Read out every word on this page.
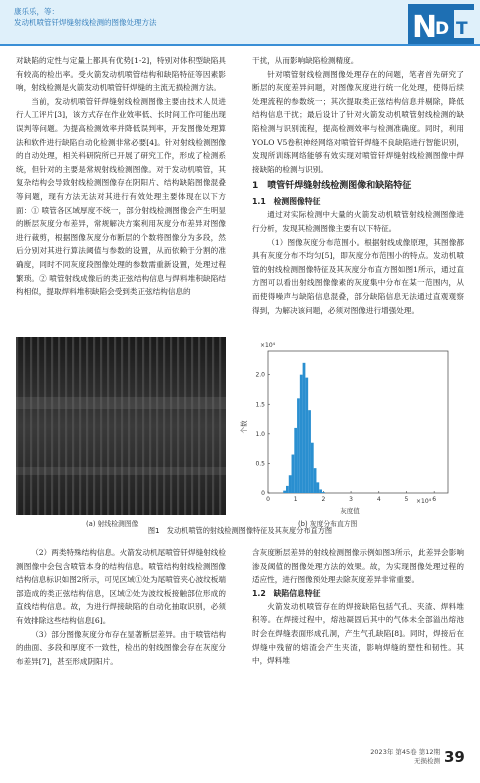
康乐乐，等：
发动机喷管钎焊缝射线检测的图像处理方法	N
D T

对缺陷的定性与定量上都具有优势[1-2]，特别对体积型缺陷具有较高的检出率。受火箭发动机喷管结构和缺陷特征等因素影响，射线检测是火箭发动机喷管钎焊缝的主流无损检测方法。

当前，发动机喷管钎焊缝射线检测图像主要由技术人员进行人工评片[3]，该方式存在作业效率低、长时间工作可能出现误判等问题。为提高检测效率并降低误判率，开发图像处理算法和软件进行缺陷自动化检测非常必要[4]。针对射线检测图像的自动处理，相关科研院所已开展了研究工作，形成了检测系统，但针对的主要是常规射线检测图像。对于发动机喷管，其复杂结构会导致射线检测图像存在阴阳片、结构缺陷图像混叠等问题，现有方法无法对其进行有效处理主要体现在以下方面：① 喷管各区域厚度不统一，部分射线检测图像会产生明显的断层灰度分布差异，常规解决方案利用灰度分布差异对图像进行裁剪，根据图像灰度分布断层的个数将图像分为多段，然后分别对其进行算法阈值与参数的设置，从而依赖于分割的准确度，同时不同灰度段图像处理的参数需重新设置，处理过程繁琐。② 喷管射线成像后的类正弦结构信息与焊料堆积缺陷结构相似，提取焊料堆积缺陷会受到类正弦结构信息的

干扰，从而影响缺陷检测精度。

针对喷管射线检测图像处理存在的问题，笔者首先研究了断层的灰度差异问题，对图像灰度进行统一化处理，使得后续处理流程的参数统一；其次提取类正弦结构信息并剔除，降低结构信息干扰；最后设计了针对火箭发动机喷管射线检测的缺陷检测与识别流程，提高检测效率与检测准确度。同时，利用YOLO V5卷积神经网络对喷管钎焊缝不良缺陷进行智能识别，发现所训练网络能够有效实现对喷管钎焊缝射线检测图像中焊接缺陷的检测与识别。

1　喷管钎焊缝射线检测图像和缺陷特征
1.1　检测图像特征

通过对实际检测中大量的火箭发动机喷管射线检测图像进行分析，发现其检测图像主要有以下特征。

（1）图像灰度分布范围小。根据射线成像原理，其图像都具有灰度分布不均匀[5]，即灰度分布范围小的特点。发动机喷管的射线检测图像特征及其灰度分布直方图如图1所示，通过直方图可以看出射线图像像素的灰度集中分布在某一范围内，从而使得噪声与缺陷信息混叠，部分缺陷信息无法通过直观观察得到，为解决该问题，必须对图像进行增强处理。

(a) 射线检测图像
×10⁴
×10⁴
灰度值
个数
0	1	2	3	4	5	6
0
0.5
1.0
1.5
2.0
(b) 灰度分布直方图
图1　发动机喷管的射线检测图像特征及其灰度分布直方图

（2）两类特殊结构信息。火箭发动机尾喷管钎焊缝射线检测图像中会包含喷管本身的结构信息。喷管结构射线检测图像结构信息标识如图2所示，可见区域①处为尾喷管夹心波纹板端部造成的类正弦结构信息，区域②处为波纹板接触部位形成的直线结构信息。故，为进行焊接缺陷的自动化抽取识别，必须有效排除这些结构信息[6]。

（3）部分图像灰度分布存在显著断层差异。由于喷管结构的曲面、多段和厚度不一致性，检出的射线图像会存在灰度分布差异[7]，甚至形成阴阳片。

含灰度断层差异的射线检测图像示例如图3所示，此差异会影响渗及阈值的图像处理方法的效果。故，为实现图像处理过程的适应性，进行图像预处理去除灰度差异非常重要。

1.2　缺陷信息特征

火箭发动机喷管存在的焊接缺陷包括气孔、夹渣、焊料堆积等。在焊接过程中，熔池凝固后其中的气体未全部溢出熔池时会在焊缝表面形成孔洞，产生气孔缺陷[8]。同时，焊接后在焊缝中残留的熔渣会产生夹渣，影响焊缝的塑性和韧性。其中，焊料堆

2023年 第45卷 第12期
无损检测 39
